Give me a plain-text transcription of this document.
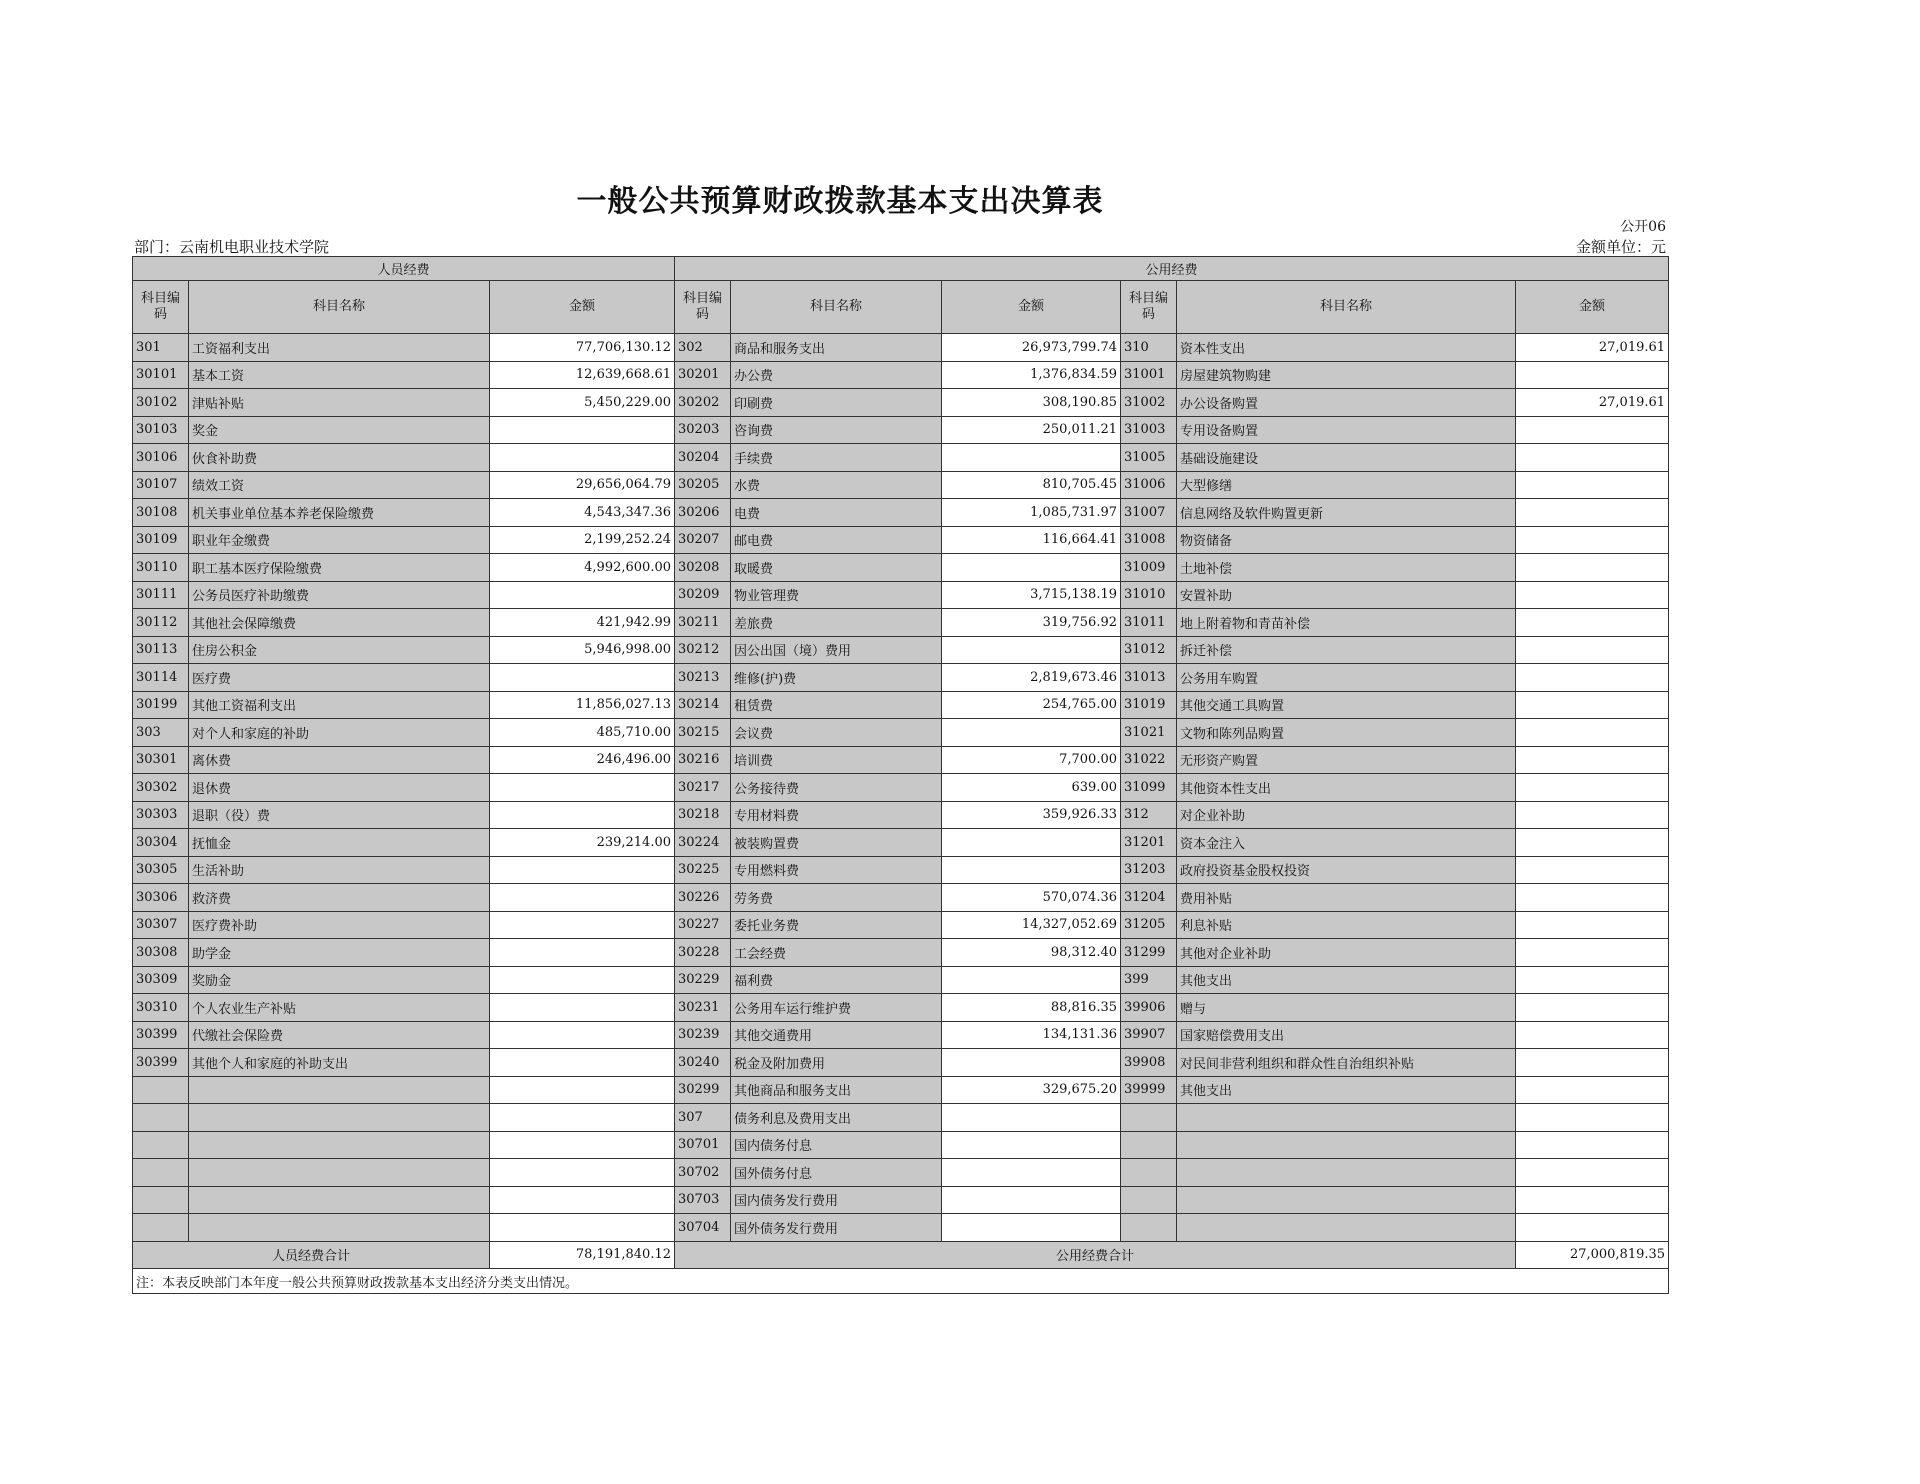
一般公共预算财政拨款基本支出决算表
公开06
部门：云南机电职业技术学院	金额单位：元
人员经费			公用经费					
科目编码	科目名称	金额	科目编码	科目名称	金额	科目编码	科目名称	金额
301	工资福利支出	77,706,130.12	302	商品和服务支出	26,973,799.74	310	资本性支出	27,019.61
30101	基本工资	12,639,668.61	30201	办公费	1,376,834.59	31001	房屋建筑物购建	
30102	津贴补贴	5,450,229.00	30202	印刷费	308,190.85	31002	办公设备购置	27,019.61
30103	奖金		30203	咨询费	250,011.21	31003	专用设备购置	
30106	伙食补助费		30204	手续费		31005	基础设施建设	
30107	绩效工资	29,656,064.79	30205	水费	810,705.45	31006	大型修缮	
30108	机关事业单位基本养老保险缴费	4,543,347.36	30206	电费	1,085,731.97	31007	信息网络及软件购置更新	
30109	职业年金缴费	2,199,252.24	30207	邮电费	116,664.41	31008	物资储备	
30110	职工基本医疗保险缴费	4,992,600.00	30208	取暖费		31009	土地补偿	
30111	公务员医疗补助缴费		30209	物业管理费	3,715,138.19	31010	安置补助	
30112	其他社会保障缴费	421,942.99	30211	差旅费	319,756.92	31011	地上附着物和青苗补偿	
30113	住房公积金	5,946,998.00	30212	因公出国（境）费用		31012	拆迁补偿	
30114	医疗费		30213	维修(护)费	2,819,673.46	31013	公务用车购置	
30199	其他工资福利支出	11,856,027.13	30214	租赁费	254,765.00	31019	其他交通工具购置	
303	对个人和家庭的补助	485,710.00	30215	会议费		31021	文物和陈列品购置	
30301	离休费	246,496.00	30216	培训费	7,700.00	31022	无形资产购置	
30302	退休费		30217	公务接待费	639.00	31099	其他资本性支出	
30303	退职（役）费		30218	专用材料费	359,926.33	312	对企业补助	
30304	抚恤金	239,214.00	30224	被装购置费		31201	资本金注入	
30305	生活补助		30225	专用燃料费		31203	政府投资基金股权投资	
30306	救济费		30226	劳务费	570,074.36	31204	费用补贴	
30307	医疗费补助		30227	委托业务费	14,327,052.69	31205	利息补贴	
30308	助学金		30228	工会经费	98,312.40	31299	其他对企业补助	
30309	奖励金		30229	福利费		399	其他支出	
30310	个人农业生产补贴		30231	公务用车运行维护费	88,816.35	39906	赠与	
30399	代缴社会保险费		30239	其他交通费用	134,131.36	39907	国家赔偿费用支出	
30399	其他个人和家庭的补助支出		30240	税金及附加费用		39908	对民间非营利组织和群众性自治组织补贴	
			30299	其他商品和服务支出	329,675.20	39999	其他支出	
			307	债务利息及费用支出				
			30701	国内债务付息				
			30702	国外债务付息				
			30703	国内债务发行费用				
			30704	国外债务发行费用				
人员经费合计		78,191,840.12	公用经费合计					27,000,819.35
注：本表反映部门本年度一般公共预算财政拨款基本支出经济分类支出情况。								
